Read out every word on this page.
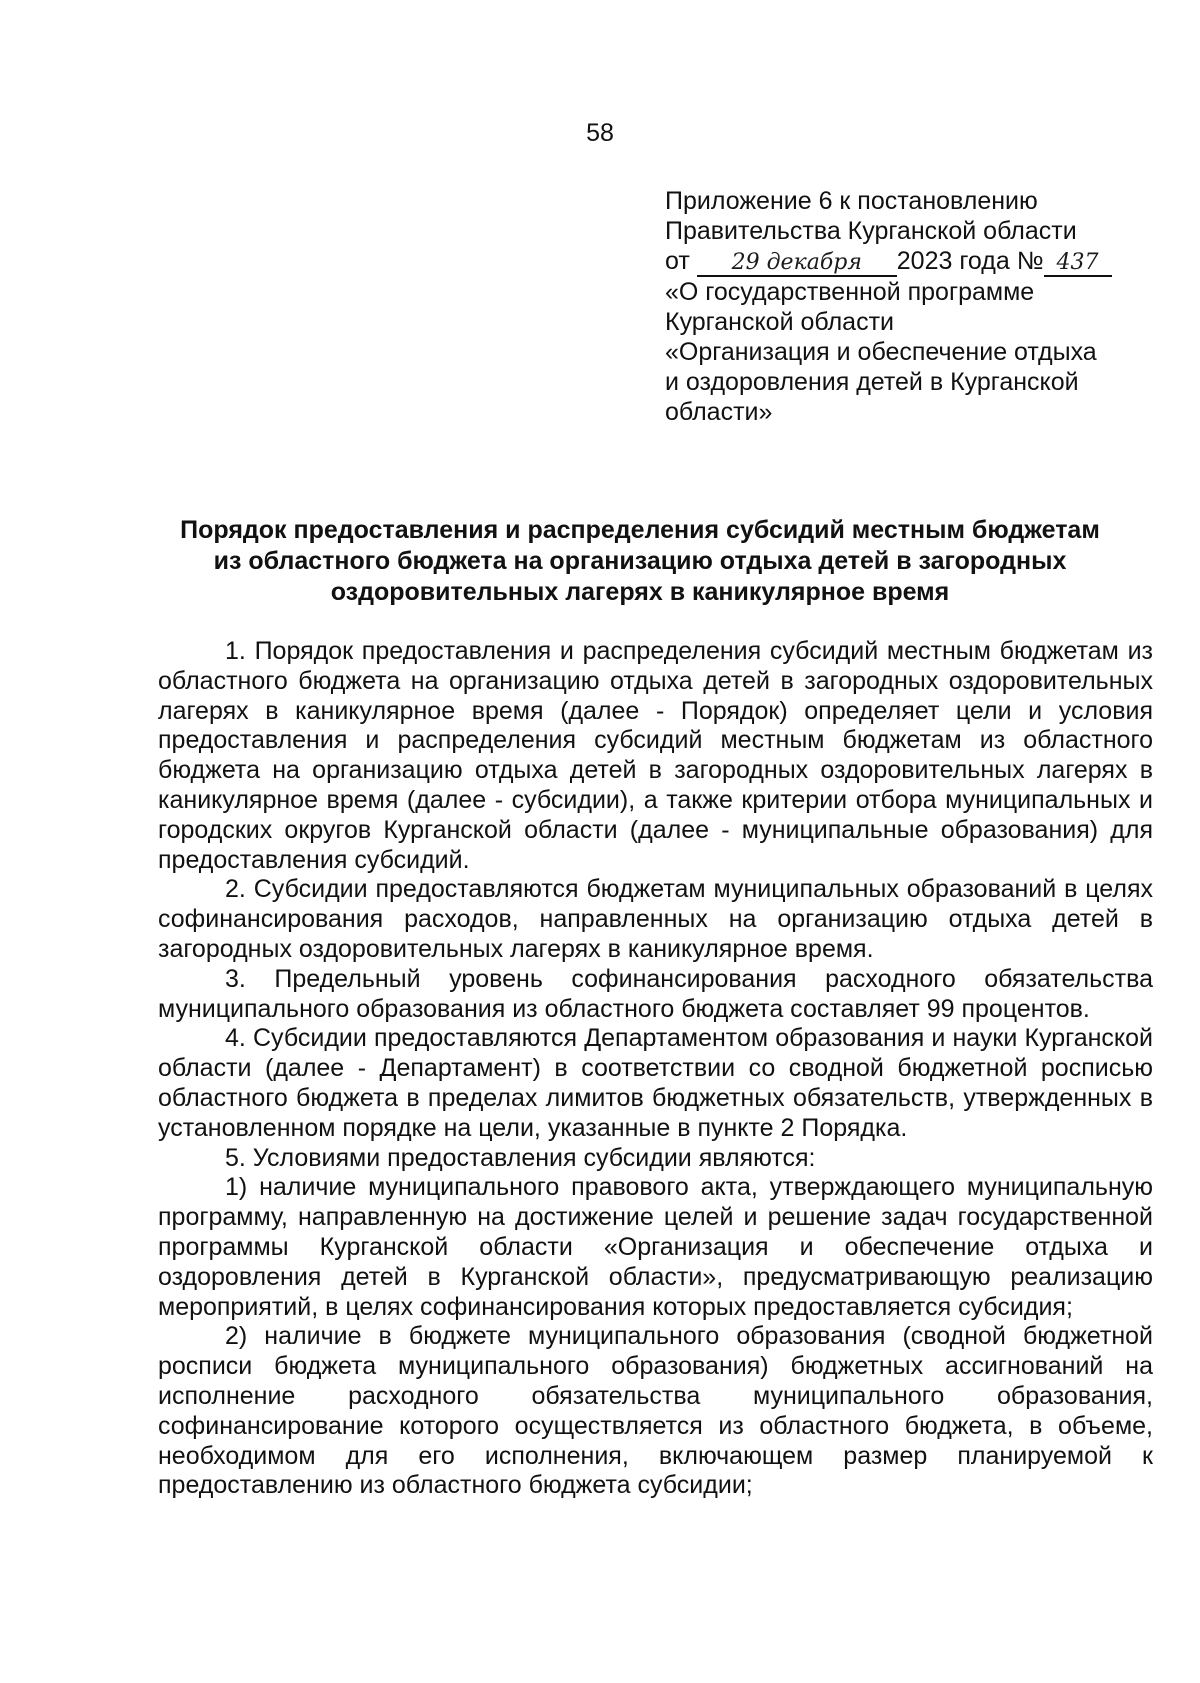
58
Приложение 6 к постановлению
Правительства Курганской области
от 29 декабря 2023 года № 437
«О государственной программе
Курганской области
«Организация и обеспечение отдыха
и оздоровления детей в Курганской
области»
Порядок предоставления и распределения субсидий местным бюджетам
из областного бюджета на организацию отдыха детей в загородных
оздоровительных лагерях в каникулярное время

1. Порядок предоставления и распределения субсидий местным бюджетам из областного бюджета на организацию отдыха детей в загородных оздоровительных лагерях в каникулярное время (далее - Порядок) определяет цели и условия предоставления и распределения субсидий местным бюджетам из областного бюджета на организацию отдыха детей в загородных оздоровительных лагерях в каникулярное время (далее - субсидии), а также критерии отбора муниципальных и городских округов Курганской области (далее - муниципальные образования) для предоставления субсидий.

2. Субсидии предоставляются бюджетам муниципальных образований в целях софинансирования расходов, направленных на организацию отдыха детей в загородных оздоровительных лагерях в каникулярное время.

3. Предельный уровень софинансирования расходного обязательства муниципального образования из областного бюджета составляет 99 процентов.

4. Субсидии предоставляются Департаментом образования и науки Курганской области (далее - Департамент) в соответствии со сводной бюджетной росписью областного бюджета в пределах лимитов бюджетных обязательств, утвержденных в установленном порядке на цели, указанные в пункте 2 Порядка.

5. Условиями предоставления субсидии являются:

1) наличие муниципального правового акта, утверждающего муниципальную программу, направленную на достижение целей и решение задач государственной программы Курганской области «Организация и обеспечение отдыха и оздоровления детей в Курганской области», предусматривающую реализацию мероприятий, в целях софинансирования которых предоставляется субсидия;

2) наличие в бюджете муниципального образования (сводной бюджетной росписи бюджета муниципального образования) бюджетных ассигнований на исполнение расходного обязательства муниципального образования, софинансирование которого осуществляется из областного бюджета, в объеме, необходимом для его исполнения, включающем размер планируемой к предоставлению из областного бюджета субсидии;
